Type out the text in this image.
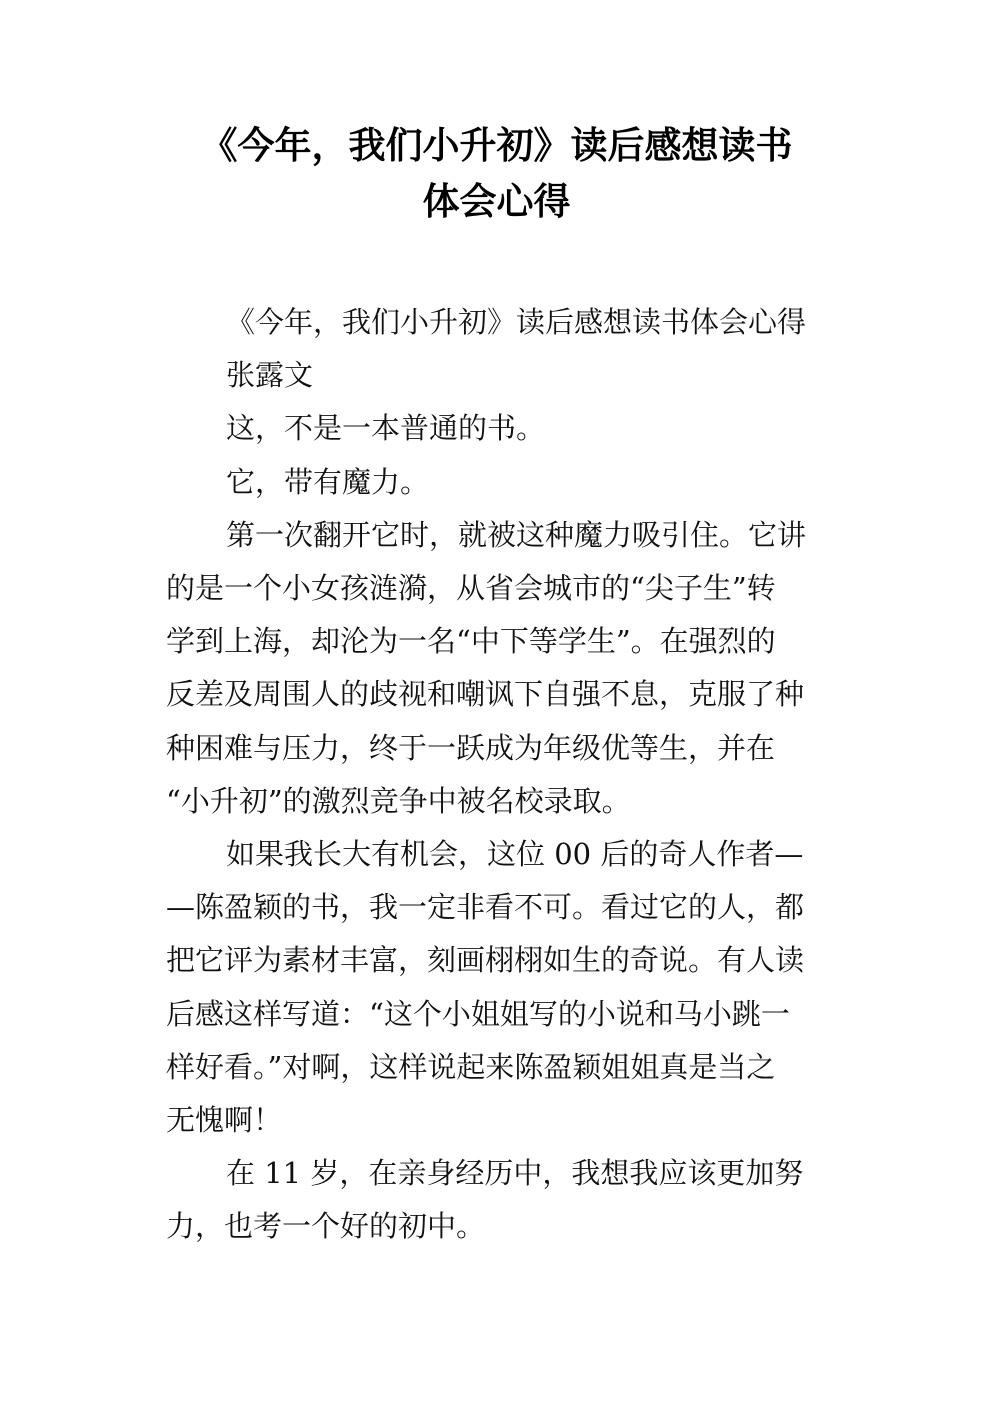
《今年，我们小升初》读后感想读书
体会心得
《今年，我们小升初》读后感想读书体会心得
张露文
这，不是一本普通的书。
它，带有魔力。
第一次翻开它时，就被这种魔力吸引住。它讲
的是一个小女孩涟漪，从省会城市的“尖子生”转
学到上海，却沦为一名“中下等学生”。在强烈的
反差及周围人的歧视和嘲讽下自强不息，克服了种
种困难与压力，终于一跃成为年级优等生，并在
“小升初”的激烈竞争中被名校录取。
如果我长大有机会，这位 00 后的奇人作者—
—陈盈颖的书，我一定非看不可。看过它的人，都
把它评为素材丰富，刻画栩栩如生的奇说。有人读
后感这样写道：“这个小姐姐写的小说和马小跳一
样好看。”对啊，这样说起来陈盈颖姐姐真是当之
无愧啊！
在 11 岁，在亲身经历中，我想我应该更加努
力，也考一个好的初中。
